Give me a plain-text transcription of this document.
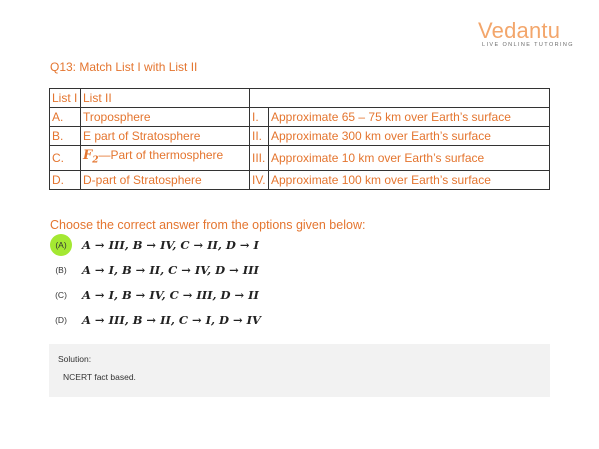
Vedantu
LIVE ONLINE TUTORING
Q13: Match List I with List II
List I	List II		
A.	Troposphere	I.	Approximate 65 – 75 km over Earth’s surface
B.	E part of Stratosphere	II.	Approximate 300 km over Earth’s surface
C.	$F_2—Part$ of thermosphere	III.	Approximate 10 km over Earth’s surface
D.	D-part of Stratosphere	IV.	Approximate 100 km over Earth’s surface
Choose the correct answer from the options given below:
(A)	A → III, B → IV, C → II, D → I
(B)	A → I, B → II, C → IV, D → III
(C)	A → I, B → IV, C → III, D → II
(D)	A → III, B → II, C → I, D → IV
Solution:
NCERT fact based.
